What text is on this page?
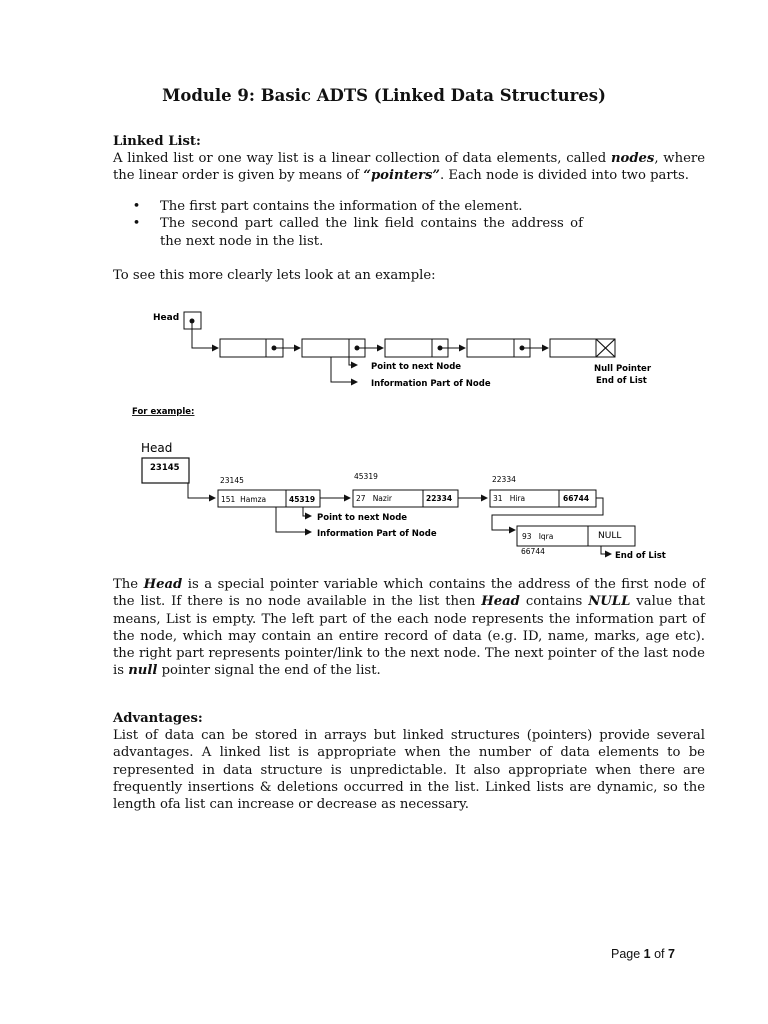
Module 9: Basic ADTS (Linked Data Structures)
Linked List:
A linked list or one way list is a linear collection of data elements, called nodes, where the linear order is given by means of “pointers”. Each node is divided into two parts.
•	The first part contains the information of the element.
•	The second part called the link field contains the address of the next node in the list.
To see this more clearly lets look at an example:
Head
Point to next Node
Information Part of Node
Null Pointer
End of List
For example:
Head
23145
23145
151  Hamza	45319
45319
27   Nazir	22334
22334
31   Hira	66744
93   Iqra	NULL
66744	End of List
Point to next Node
Information Part of Node
The Head is a special pointer variable which contains the address of the first node of the list. If there is no node available in the list then Head contains NULL value that means, List is empty. The left part of the each node represents the information part of the node, which may contain an entire record of data (e.g. ID, name, marks, age etc). the right part represents pointer/link to the next node. The next pointer of the last node is null pointer signal the end of the list.
Advantages:
List of data can be stored in arrays but linked structures (pointers) provide several advantages. A linked list is appropriate when the number of data elements to be represented in data structure is unpredictable. It also appropriate when there are frequently insertions & deletions occurred in the list. Linked lists are dynamic, so the length ofa list can increase or decrease as necessary.
Page 1 of 7
